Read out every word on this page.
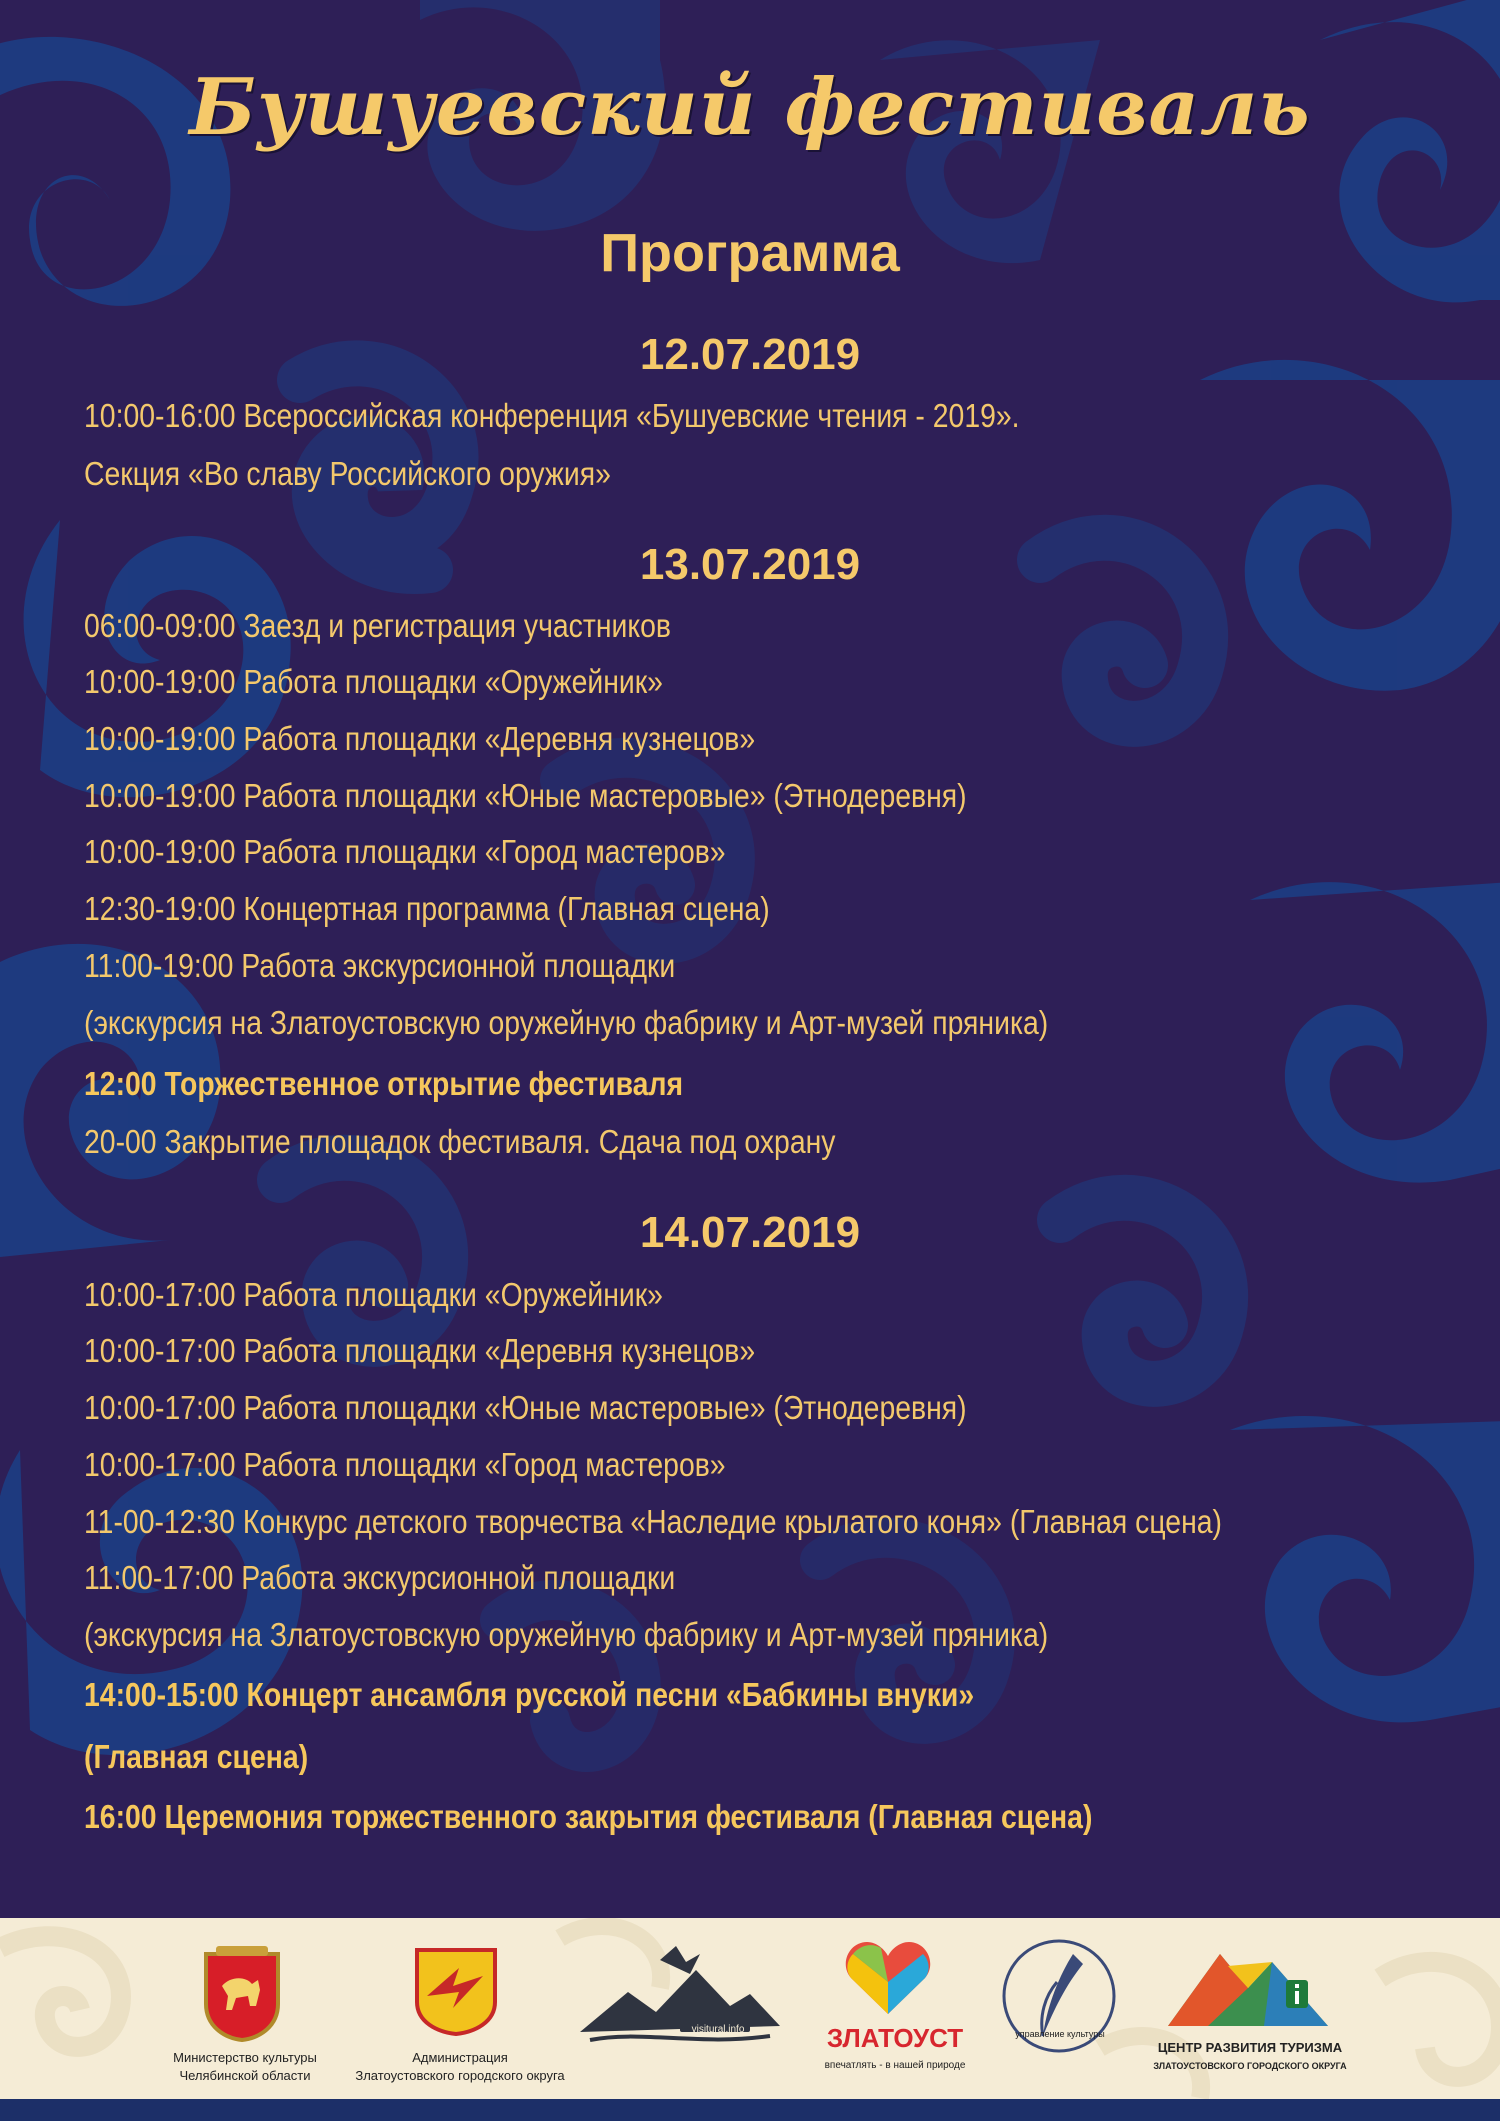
Бушуевский фестиваль
Программа
12.07.2019
10:00-16:00 Всероссийская конференция «Бушуевские чтения - 2019».
Секция «Во славу Российского оружия»
13.07.2019
06:00-09:00 Заезд и регистрация участников
10:00-19:00 Работа площадки «Оружейник»
10:00-19:00 Работа площадки «Деревня кузнецов»
10:00-19:00 Работа площадки «Юные мастеровые» (Этнодеревня)
10:00-19:00 Работа площадки «Город мастеров»
12:30-19:00 Концертная программа (Главная сцена)
11:00-19:00 Работа экскурсионной площадки
(экскурсия на Златоустовскую оружейную фабрику и Арт-музей пряника)
12:00 Торжественное открытие фестиваля
20-00 Закрытие площадок фестиваля. Сдача под охрану
14.07.2019
10:00-17:00 Работа площадки «Оружейник»
10:00-17:00 Работа площадки «Деревня кузнецов»
10:00-17:00 Работа площадки «Юные мастеровые» (Этнодеревня)
10:00-17:00 Работа площадки «Город мастеров»
11-00-12:30 Конкурс детского творчества «Наследие крылатого коня» (Главная сцена)
11:00-17:00 Работа экскурсионной площадки
(экскурсия на Златоустовскую оружейную фабрику и Арт-музей пряника)
14:00-15:00 Концерт ансамбля русской песни «Бабкины внуки»
(Главная сцена)
16:00 Церемония торжественного закрытия фестиваля (Главная сцена)
Министерство культуры
Челябинской области
Администрация
Златоустовского городского округа
visitural.info	ЗЛАТОУСТ
впечатлять - в нашей природе
управление культуры
ЦЕНТР РАЗВИТИЯ ТУРИЗМА
ЗЛАТОУСТОВСКОГО ГОРОДСКОГО ОКРУГА
